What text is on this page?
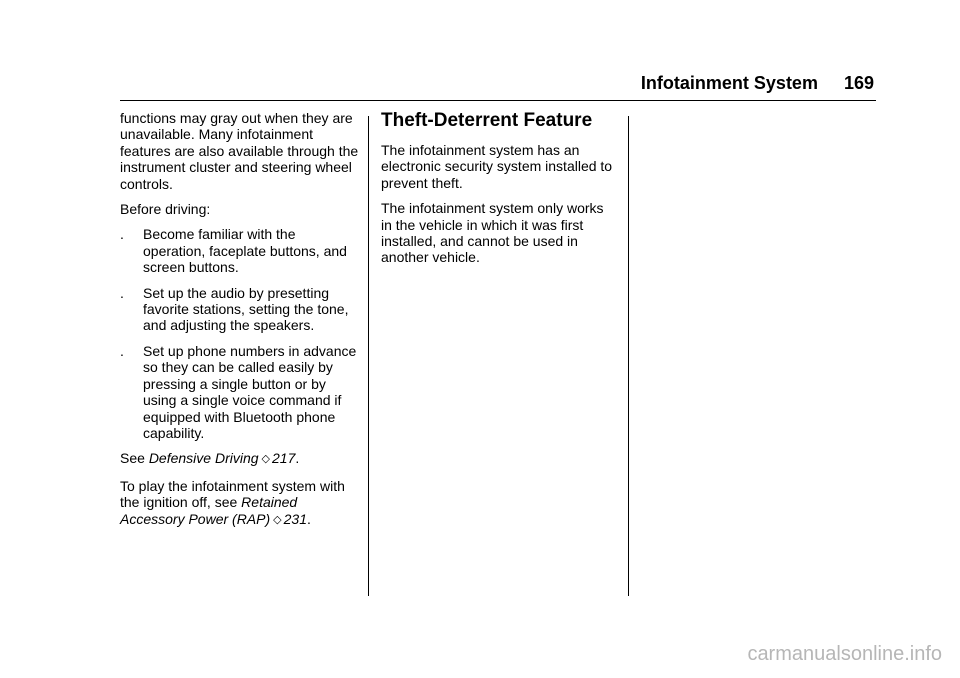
Infotainment System 169

functions may gray out when they are unavailable. Many infotainment features are also available through the instrument cluster and steering wheel controls.

Before driving:

. Become familiar with the operation, faceplate buttons, and screen buttons.
. Set up the audio by presetting favorite stations, setting the tone, and adjusting the speakers.
. Set up phone numbers in advance so they can be called easily by pressing a single button or by using a single voice command if equipped with Bluetooth phone capability.

See Defensive Driving ◇ 217.

To play the infotainment system with the ignition off, see Retained Accessory Power (RAP) ◇ 231.

Theft-Deterrent Feature

The infotainment system has an electronic security system installed to prevent theft.

The infotainment system only works in the vehicle in which it was first installed, and cannot be used in another vehicle.

carmanualsonline.info
